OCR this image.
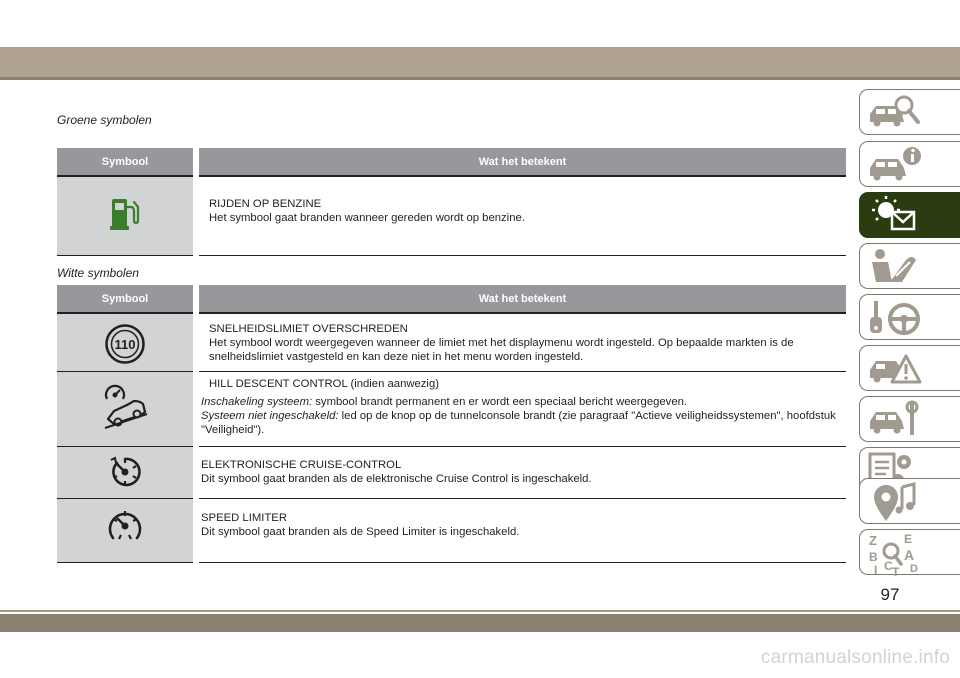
Groene symbolen
Symbool	Wat het betekent

RIJDEN OP BENZINE
Het symbool gaat branden wanneer gereden wordt op benzine.
Witte symbolen
Symbool	Wat het betekent

110	SNELHEIDSLIMIET OVERSCHREDEN
Het symbool wordt weergegeven wanneer de limiet met het displaymenu wordt ingesteld. Op bepaalde markten is de snelheidslimiet vastgesteld en kan deze niet in het menu worden ingesteld.

HILL DESCENT CONTROL (indien aanwezig)
Inschakeling systeem: symbool brandt permanent en er wordt een speciaal bericht weergegeven.
Systeem niet ingeschakeld: led op de knop op de tunnelconsole brandt (zie paragraaf "Actieve veiligheidssystemen", hoofdstuk "Veiligheid").

ELEKTRONISCHE CRUISE-CONTROL
Dit symbool gaat branden als de elektronische Cruise Control is ingeschakeld.

SPEED LIMITER
Dit symbool gaat branden als de Speed Limiter is ingeschakeld.
Z E
B A
I C T D
97
carmanualsonline.info
